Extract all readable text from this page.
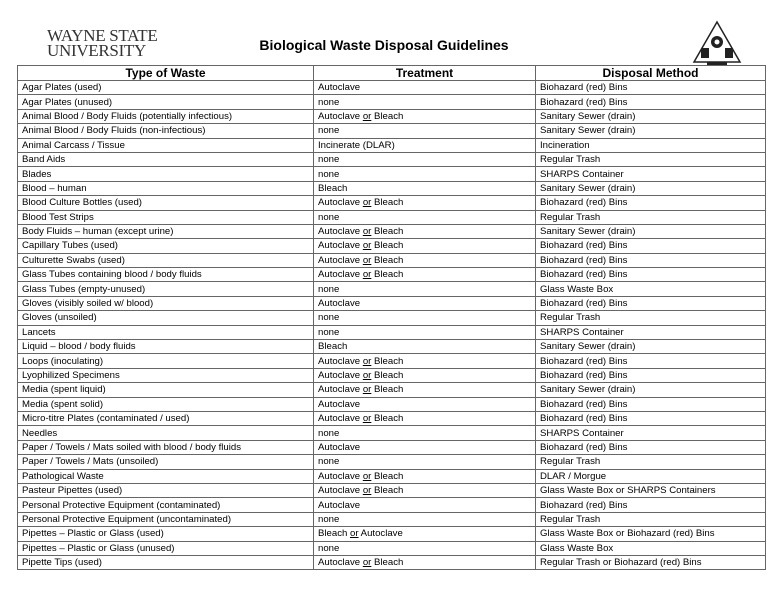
WAYNE STATE
UNIVERSITY	Biological Waste Disposal Guidelines
Type of Waste	Treatment	Disposal Method
Agar Plates (used)	Autoclave	Biohazard (red) Bins
Agar Plates (unused)	none	Biohazard (red) Bins
Animal Blood / Body Fluids (potentially infectious)	Autoclave or Bleach	Sanitary Sewer (drain)
Animal Blood / Body Fluids (non-infectious)	none	Sanitary Sewer (drain)
Animal Carcass / Tissue	Incinerate (DLAR)	Incineration
Band Aids	none	Regular Trash
Blades	none	SHARPS Container
Blood – human	Bleach	Sanitary Sewer (drain)
Blood Culture Bottles (used)	Autoclave or Bleach	Biohazard (red) Bins
Blood Test Strips	none	Regular Trash
Body Fluids – human (except urine)	Autoclave or Bleach	Sanitary Sewer (drain)
Capillary Tubes (used)	Autoclave or Bleach	Biohazard (red) Bins
Culturette Swabs (used)	Autoclave or Bleach	Biohazard (red) Bins
Glass Tubes containing blood / body fluids	Autoclave or Bleach	Biohazard (red) Bins
Glass Tubes (empty-unused)	none	Glass Waste Box
Gloves (visibly soiled w/ blood)	Autoclave	Biohazard (red) Bins
Gloves (unsoiled)	none	Regular Trash
Lancets	none	SHARPS Container
Liquid – blood / body fluids	Bleach	Sanitary Sewer (drain)
Loops (inoculating)	Autoclave or Bleach	Biohazard (red) Bins
Lyophilized Specimens	Autoclave or Bleach	Biohazard (red) Bins
Media (spent liquid)	Autoclave or Bleach	Sanitary Sewer (drain)
Media (spent solid)	Autoclave	Biohazard (red) Bins
Micro-titre Plates (contaminated / used)	Autoclave or Bleach	Biohazard (red) Bins
Needles	none	SHARPS Container
Paper / Towels / Mats soiled with blood / body fluids	Autoclave	Biohazard (red) Bins
Paper / Towels / Mats (unsoiled)	none	Regular Trash
Pathological Waste	Autoclave or Bleach	DLAR / Morgue
Pasteur Pipettes (used)	Autoclave or Bleach	Glass Waste Box or SHARPS Containers
Personal Protective Equipment (contaminated)	Autoclave	Biohazard (red) Bins
Personal Protective Equipment (uncontaminated)	none	Regular Trash
Pipettes – Plastic or Glass (used)	Bleach or Autoclave	Glass Waste Box or Biohazard (red) Bins
Pipettes – Plastic or Glass (unused)	none	Glass Waste Box
Pipette Tips (used)	Autoclave or Bleach	Regular Trash or Biohazard (red) Bins
